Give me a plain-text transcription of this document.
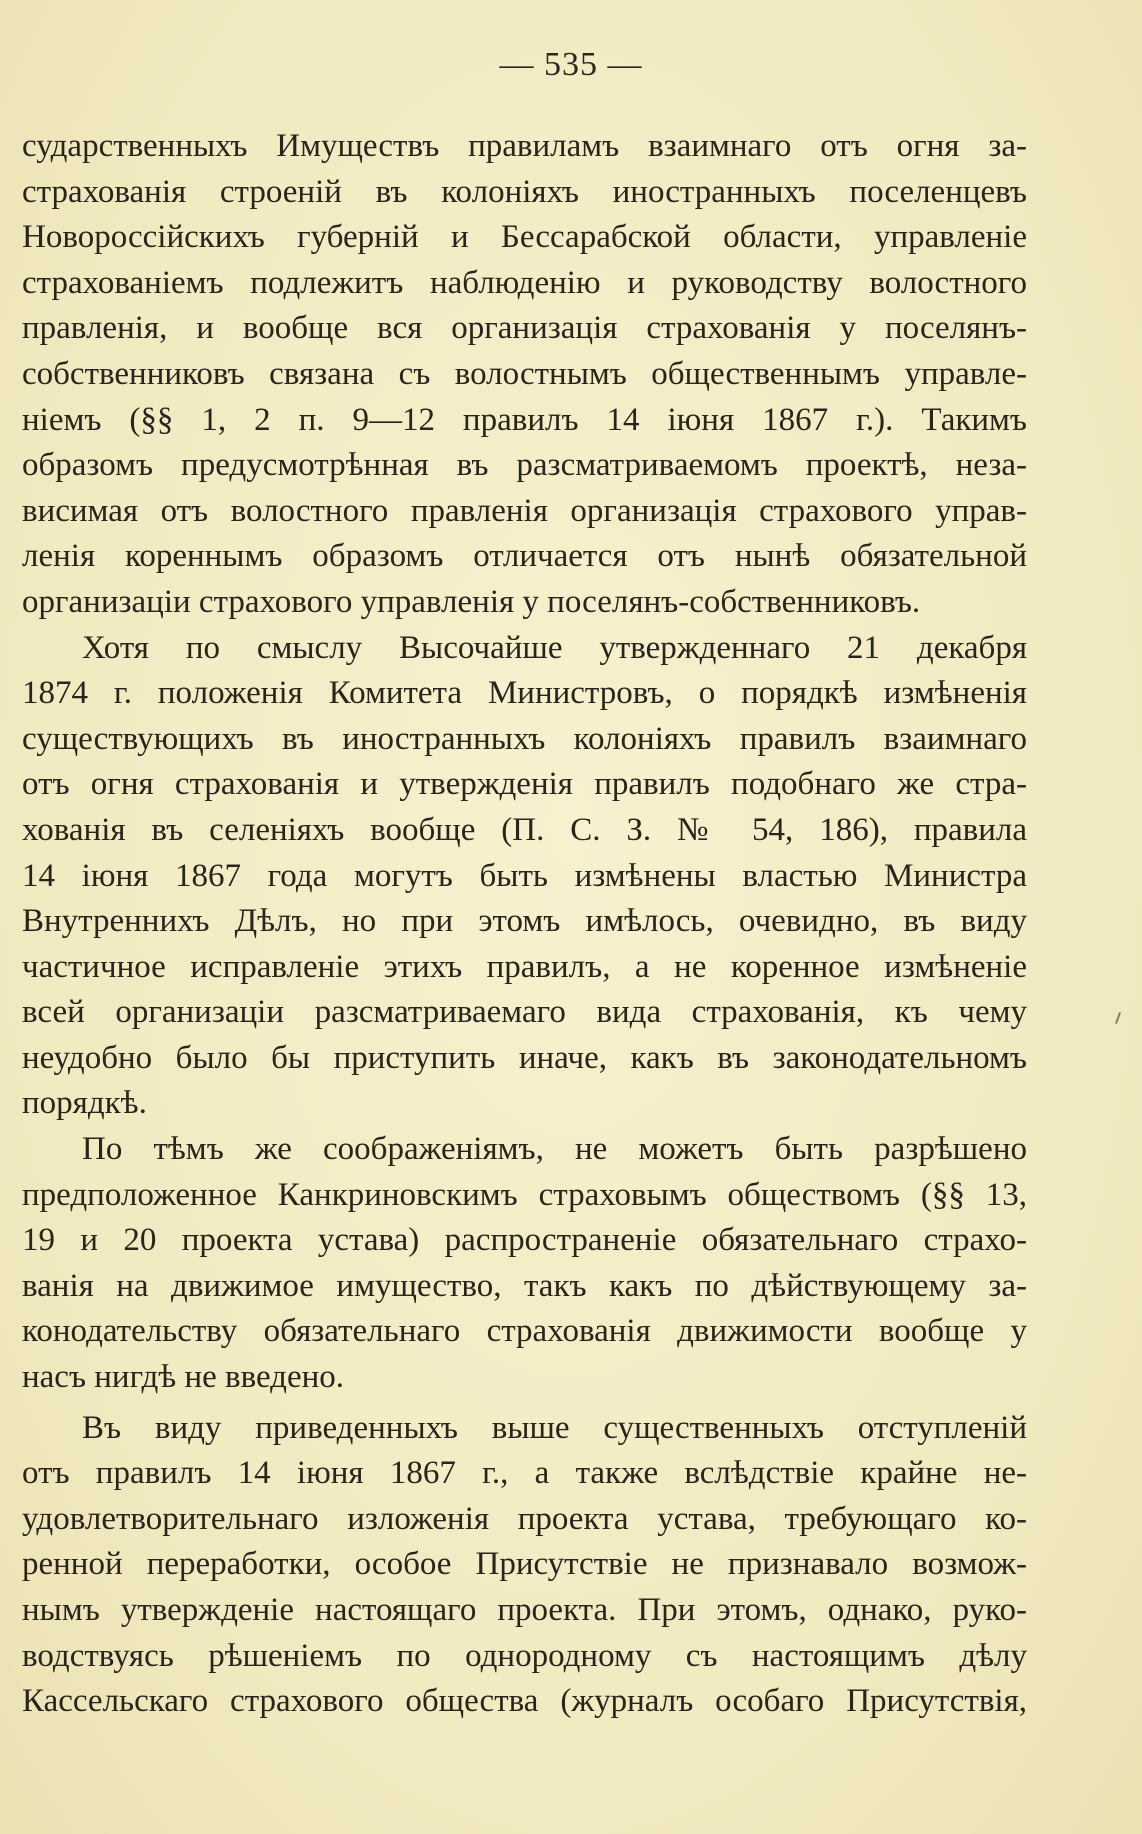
— 535 —
сударственныхъ Имуществъ правиламъ взаимнаго отъ огня за-
страхованія строеній въ колоніяхъ иностранныхъ поселенцевъ
Новороссійскихъ губерній и Бессарабской области, управленіе
страхованіемъ подлежитъ наблюденію и руководству волостного
правленія, и вообще вся организація страхованія у поселянъ-
собственниковъ связана съ волостнымъ общественнымъ управле-
ніемъ (§§ 1, 2 п. 9—12 правилъ 14 іюня 1867 г.). Такимъ
образомъ предусмотрѣнная въ разсматриваемомъ проектѣ, неза-
висимая отъ волостного правленія организація страхового управ-
ленія кореннымъ образомъ отличается отъ нынѣ обязательной
организаціи страхового управленія у поселянъ-собственниковъ.
Хотя по смыслу Высочайше утвержденнаго 21 декабря
1874 г. положенія Комитета Министровъ, о порядкѣ измѣненія
существующихъ въ иностранныхъ колоніяхъ правилъ взаимнаго
отъ огня страхованія и утвержденія правилъ подобнаго же стра-
хованія въ селеніяхъ вообще (П. С. З. № 54, 186), правила
14 іюня 1867 года могутъ быть измѣнены властью Министра
Внутреннихъ Дѣлъ, но при этомъ имѣлось, очевидно, въ виду
частичное исправленіе этихъ правилъ, а не коренное измѣненіе
всей организаціи разсматриваемаго вида страхованія, къ чему
неудобно было бы приступить иначе, какъ въ законодательномъ
порядкѣ.
По тѣмъ же соображеніямъ, не можетъ быть разрѣшено
предположенное Канкриновскимъ страховымъ обществомъ (§§ 13,
19 и 20 проекта устава) распространеніе обязательнаго страхо-
ванія на движимое имущество, такъ какъ по дѣйствующему за-
конодательству обязательнаго страхованія движимости вообще у
насъ нигдѣ не введено.
Въ виду приведенныхъ выше существенныхъ отступленій
отъ правилъ 14 іюня 1867 г., а также вслѣдствіе крайне не-
удовлетворительнаго изложенія проекта устава, требующаго ко-
ренной переработки, особое Присутствіе не признавало возмож-
нымъ утвержденіе настоящаго проекта. При этомъ, однако, руко-
водствуясь рѣшеніемъ по однородному съ настоящимъ дѣлу
Кассельскаго страхового общества (журналъ особаго Присутствія,
